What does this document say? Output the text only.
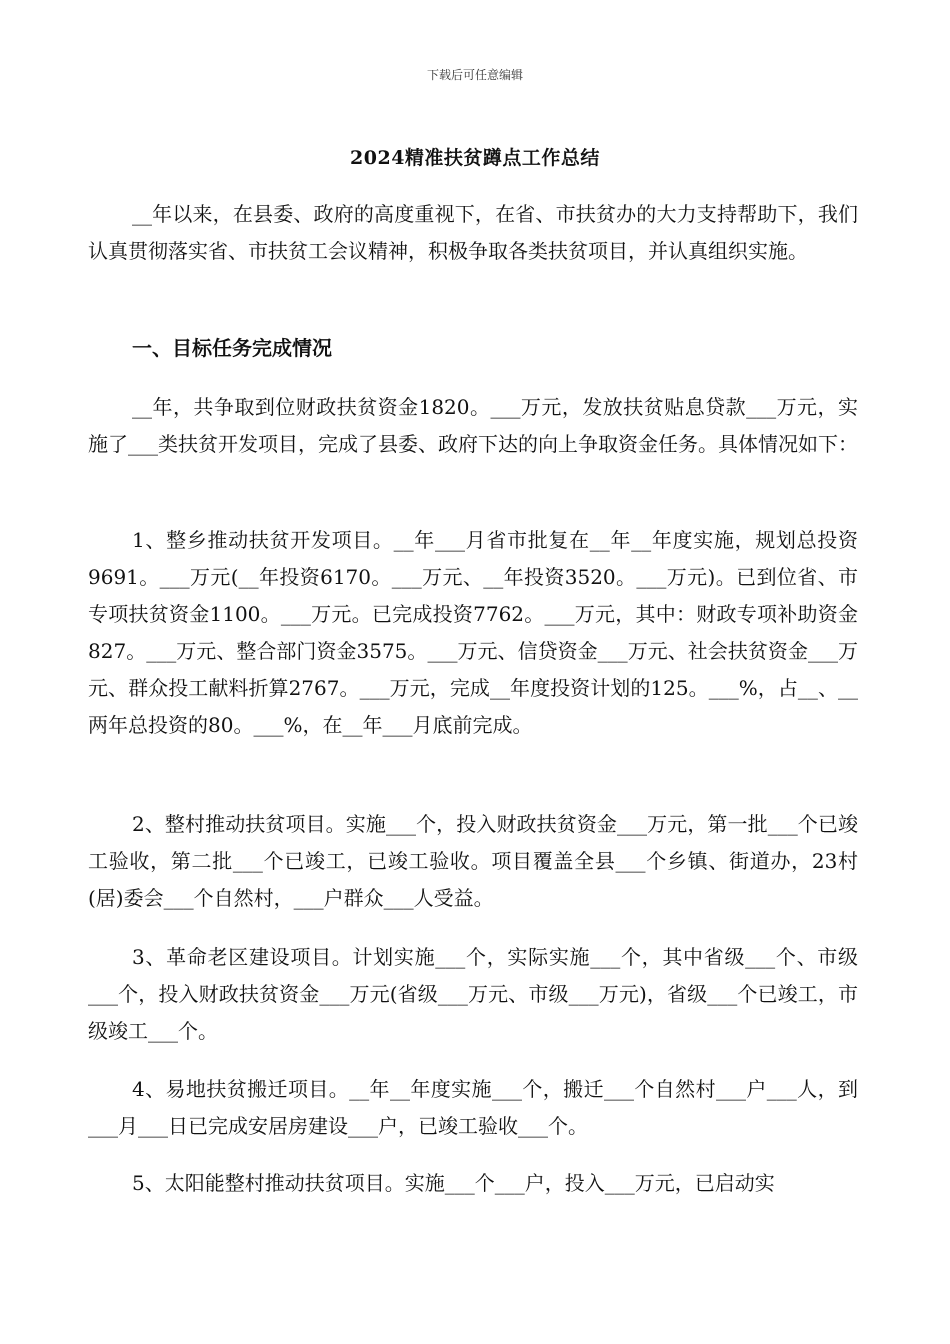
下载后可任意编辑
2024精准扶贫蹲点工作总结

__年以来，在县委、政府的高度重视下，在省、市扶贫办的大力支持帮助下，我们认真贯彻落实省、市扶贫工会议精神，积极争取各类扶贫项目，并认真组织实施。

一、目标任务完成情况

__年，共争取到位财政扶贫资金1820。___万元，发放扶贫贴息贷款___万元，实施了___类扶贫开发项目，完成了县委、政府下达的向上争取资金任务。具体情况如下：

1、整乡推动扶贫开发项目。__年___月省市批复在__年__年度实施，规划总投资9691。___万元(__年投资6170。___万元、__年投资3520。___万元)。已到位省、市专项扶贫资金1100。___万元。已完成投资7762。___万元，其中：财政专项补助资金827。___万元、整合部门资金3575。___万元、信贷资金___万元、社会扶贫资金___万元、群众投工献料折算2767。___万元，完成__年度投资计划的125。___%，占__、__两年总投资的80。___%，在__年___月底前完成。

2、整村推动扶贫项目。实施___个，投入财政扶贫资金___万元，第一批___个已竣工验收，第二批___个已竣工，已竣工验收。项目覆盖全县___个乡镇、街道办，23村(居)委会___个自然村，___户群众___人受益。

3、革命老区建设项目。计划实施___个，实际实施___个，其中省级___个、市级___个，投入财政扶贫资金___万元(省级___万元、市级___万元)，省级___个已竣工，市级竣工___个。

4、易地扶贫搬迁项目。__年__年度实施___个，搬迁___个自然村___户___人，到___月___日已完成安居房建设___户，已竣工验收___个。

5、太阳能整村推动扶贫项目。实施___个___户，投入___万元，已启动实
